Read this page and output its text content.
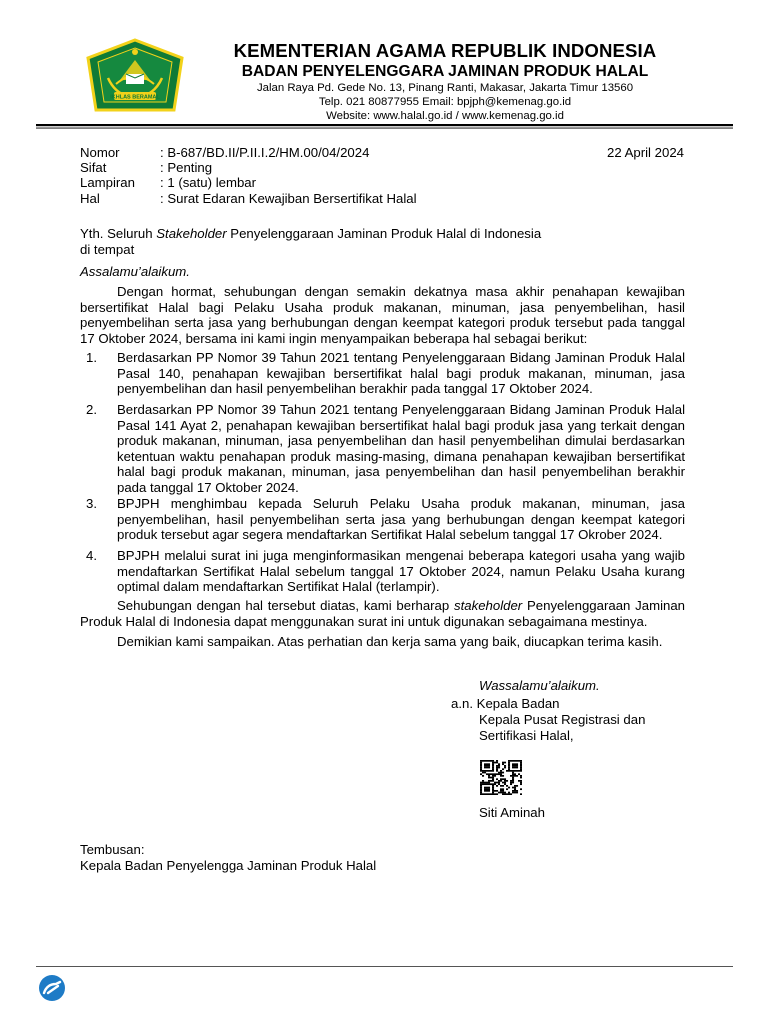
IKHLAS BERAMAL
KEMENTERIAN AGAMA REPUBLIK INDONESIA
BADAN PENYELENGGARA JAMINAN PRODUK HALAL
Jalan Raya Pd. Gede No. 13, Pinang Ranti, Makasar, Jakarta Timur 13560
Telp. 021 80877955 Email: bpjph@kemenag.go.id
Website: www.halal.go.id / www.kemenag.go.id
Nomor	: B-687/BD.II/P.II.I.2/HM.00/04/2024
Sifat	: Penting
Lampiran : 1 (satu) lembar
Hal	: Surat Edaran Kewajiban Bersertifikat Halal
22 April 2024
Yth. Seluruh Stakeholder Penyelenggaraan Jaminan Produk Halal di Indonesia
di tempat
Assalamu’alaikum.
Dengan hormat, sehubungan dengan semakin dekatnya masa akhir penahapan kewajiban bersertifikat Halal bagi Pelaku Usaha produk makanan, minuman, jasa penyembelihan, hasil penyembelihan serta jasa yang berhubungan dengan keempat kategori produk tersebut pada tanggal 17 Oktober 2024, bersama ini kami ingin menyampaikan beberapa hal sebagai berikut:
1. Berdasarkan PP Nomor 39 Tahun 2021 tentang Penyelenggaraan Bidang Jaminan Produk Halal Pasal 140, penahapan kewajiban bersertifikat halal bagi produk makanan, minuman, jasa penyembelihan dan hasil penyembelihan berakhir pada tanggal 17 Oktober 2024.
2. Berdasarkan PP Nomor 39 Tahun 2021 tentang Penyelenggaraan Bidang Jaminan Produk Halal Pasal 141 Ayat 2, penahapan kewajiban bersertifikat halal bagi produk jasa yang terkait dengan produk makanan, minuman, jasa penyembelihan dan hasil penyembelihan dimulai berdasarkan ketentuan waktu penahapan produk masing-masing, dimana penahapan kewajiban bersertifikat halal bagi produk makanan, minuman, jasa penyembelihan dan hasil penyembelihan berakhir pada tanggal 17 Oktober 2024.
3. BPJPH menghimbau kepada Seluruh Pelaku Usaha produk makanan, minuman, jasa penyembelihan, hasil penyembelihan serta jasa yang berhubungan dengan keempat kategori produk tersebut agar segera mendaftarkan Sertifikat Halal sebelum tanggal 17 Okrober 2024.
4. BPJPH melalui surat ini juga menginformasikan mengenai beberapa kategori usaha yang wajib mendaftarkan Sertifikat Halal sebelum tanggal 17 Oktober 2024, namun Pelaku Usaha kurang optimal dalam mendaftarkan Sertifikat Halal (terlampir).
Sehubungan dengan hal tersebut diatas, kami berharap stakeholder Penyelenggaraan Jaminan Produk Halal di Indonesia dapat menggunakan surat ini untuk digunakan sebagaimana mestinya.
Demikian kami sampaikan. Atas perhatian dan kerja sama yang baik, diucapkan terima kasih.
Wassalamu’alaikum.
a.n. Kepala Badan
Kepala Pusat Registrasi dan
Sertifikasi Halal,
Siti Aminah
Tembusan:
Kepala Badan Penyelengga Jaminan Produk Halal
